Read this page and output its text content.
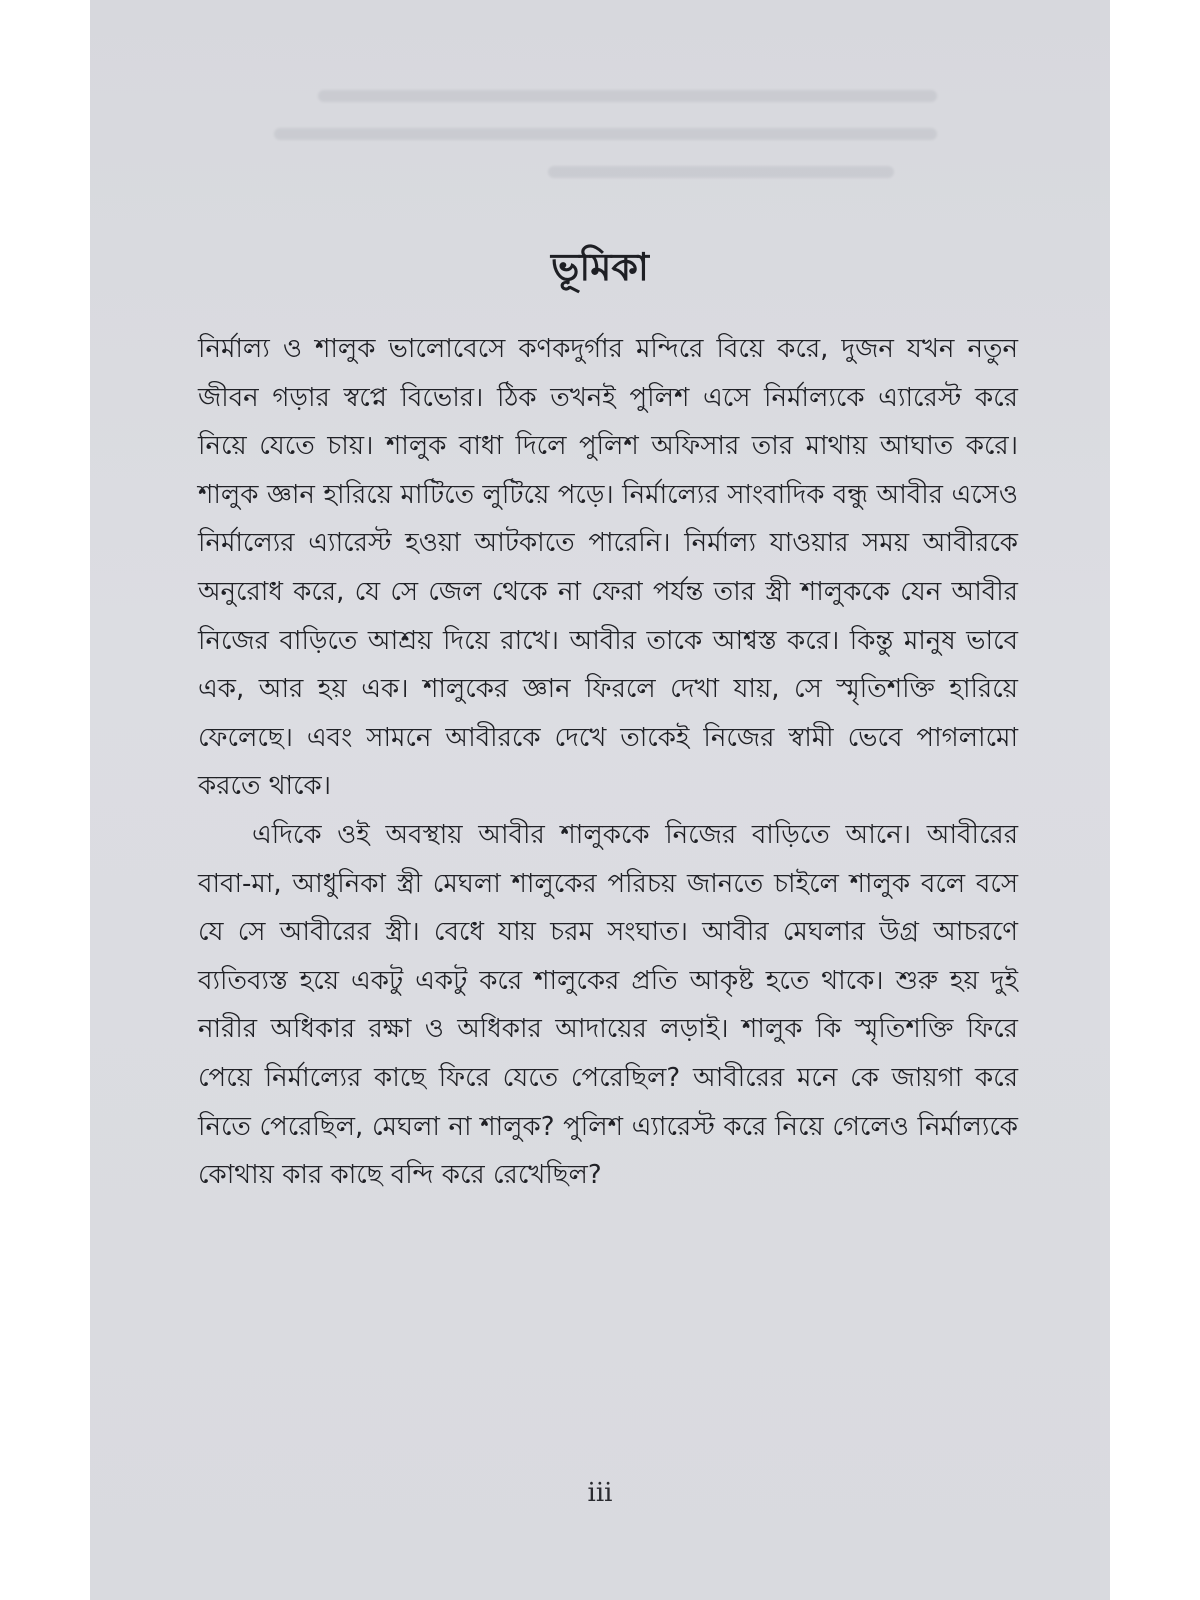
ভূমিকা

নির্মাল্য ও শালুক ভালোবেসে কণকদুর্গার মন্দিরে বিয়ে করে, দুজন যখন নতুন জীবন গড়ার স্বপ্নে বিভোর। ঠিক তখনই পুলিশ এসে নির্মাল্যকে এ্যারেস্ট করে নিয়ে যেতে চায়। শালুক বাধা দিলে পুলিশ অফিসার তার মাথায় আঘাত করে। শালুক জ্ঞান হারিয়ে মাটিতে লুটিয়ে পড়ে। নির্মাল্যের সাংবাদিক বন্ধু আবীর এসেও নির্মাল্যের এ্যারেস্ট হওয়া আটকাতে পারেনি। নির্মাল্য যাওয়ার সময় আবীরকে অনুরোধ করে, যে সে জেল থেকে না ফেরা পর্যন্ত তার স্ত্রী শালুককে যেন আবীর নিজের বাড়িতে আশ্রয় দিয়ে রাখে। আবীর তাকে আশ্বস্ত করে। কিন্তু মানুষ ভাবে এক, আর হয় এক। শালুকের জ্ঞান ফিরলে দেখা যায়, সে স্মৃতিশক্তি হারিয়ে ফেলেছে। এবং সামনে আবীরকে দেখে তাকেই নিজের স্বামী ভেবে পাগলামো করতে থাকে।

এদিকে ওই অবস্থায় আবীর শালুককে নিজের বাড়িতে আনে। আবীরের বাবা-মা, আধুনিকা স্ত্রী মেঘলা শালুকের পরিচয় জানতে চাইলে শালুক বলে বসে যে সে আবীরের স্ত্রী। বেধে যায় চরম সংঘাত। আবীর মেঘলার উগ্র আচরণে ব্যতিব্যস্ত হয়ে একটু একটু করে শালুকের প্রতি আকৃষ্ট হতে থাকে। শুরু হয় দুই নারীর অধিকার রক্ষা ও অধিকার আদায়ের লড়াই। শালুক কি স্মৃতিশক্তি ফিরে পেয়ে নির্মাল্যের কাছে ফিরে যেতে পেরেছিল? আবীরের মনে কে জায়গা করে নিতে পেরেছিল, মেঘলা না শালুক? পুলিশ এ্যারেস্ট করে নিয়ে গেলেও নির্মাল্যকে কোথায় কার কাছে বন্দি করে রেখেছিল?

iii
